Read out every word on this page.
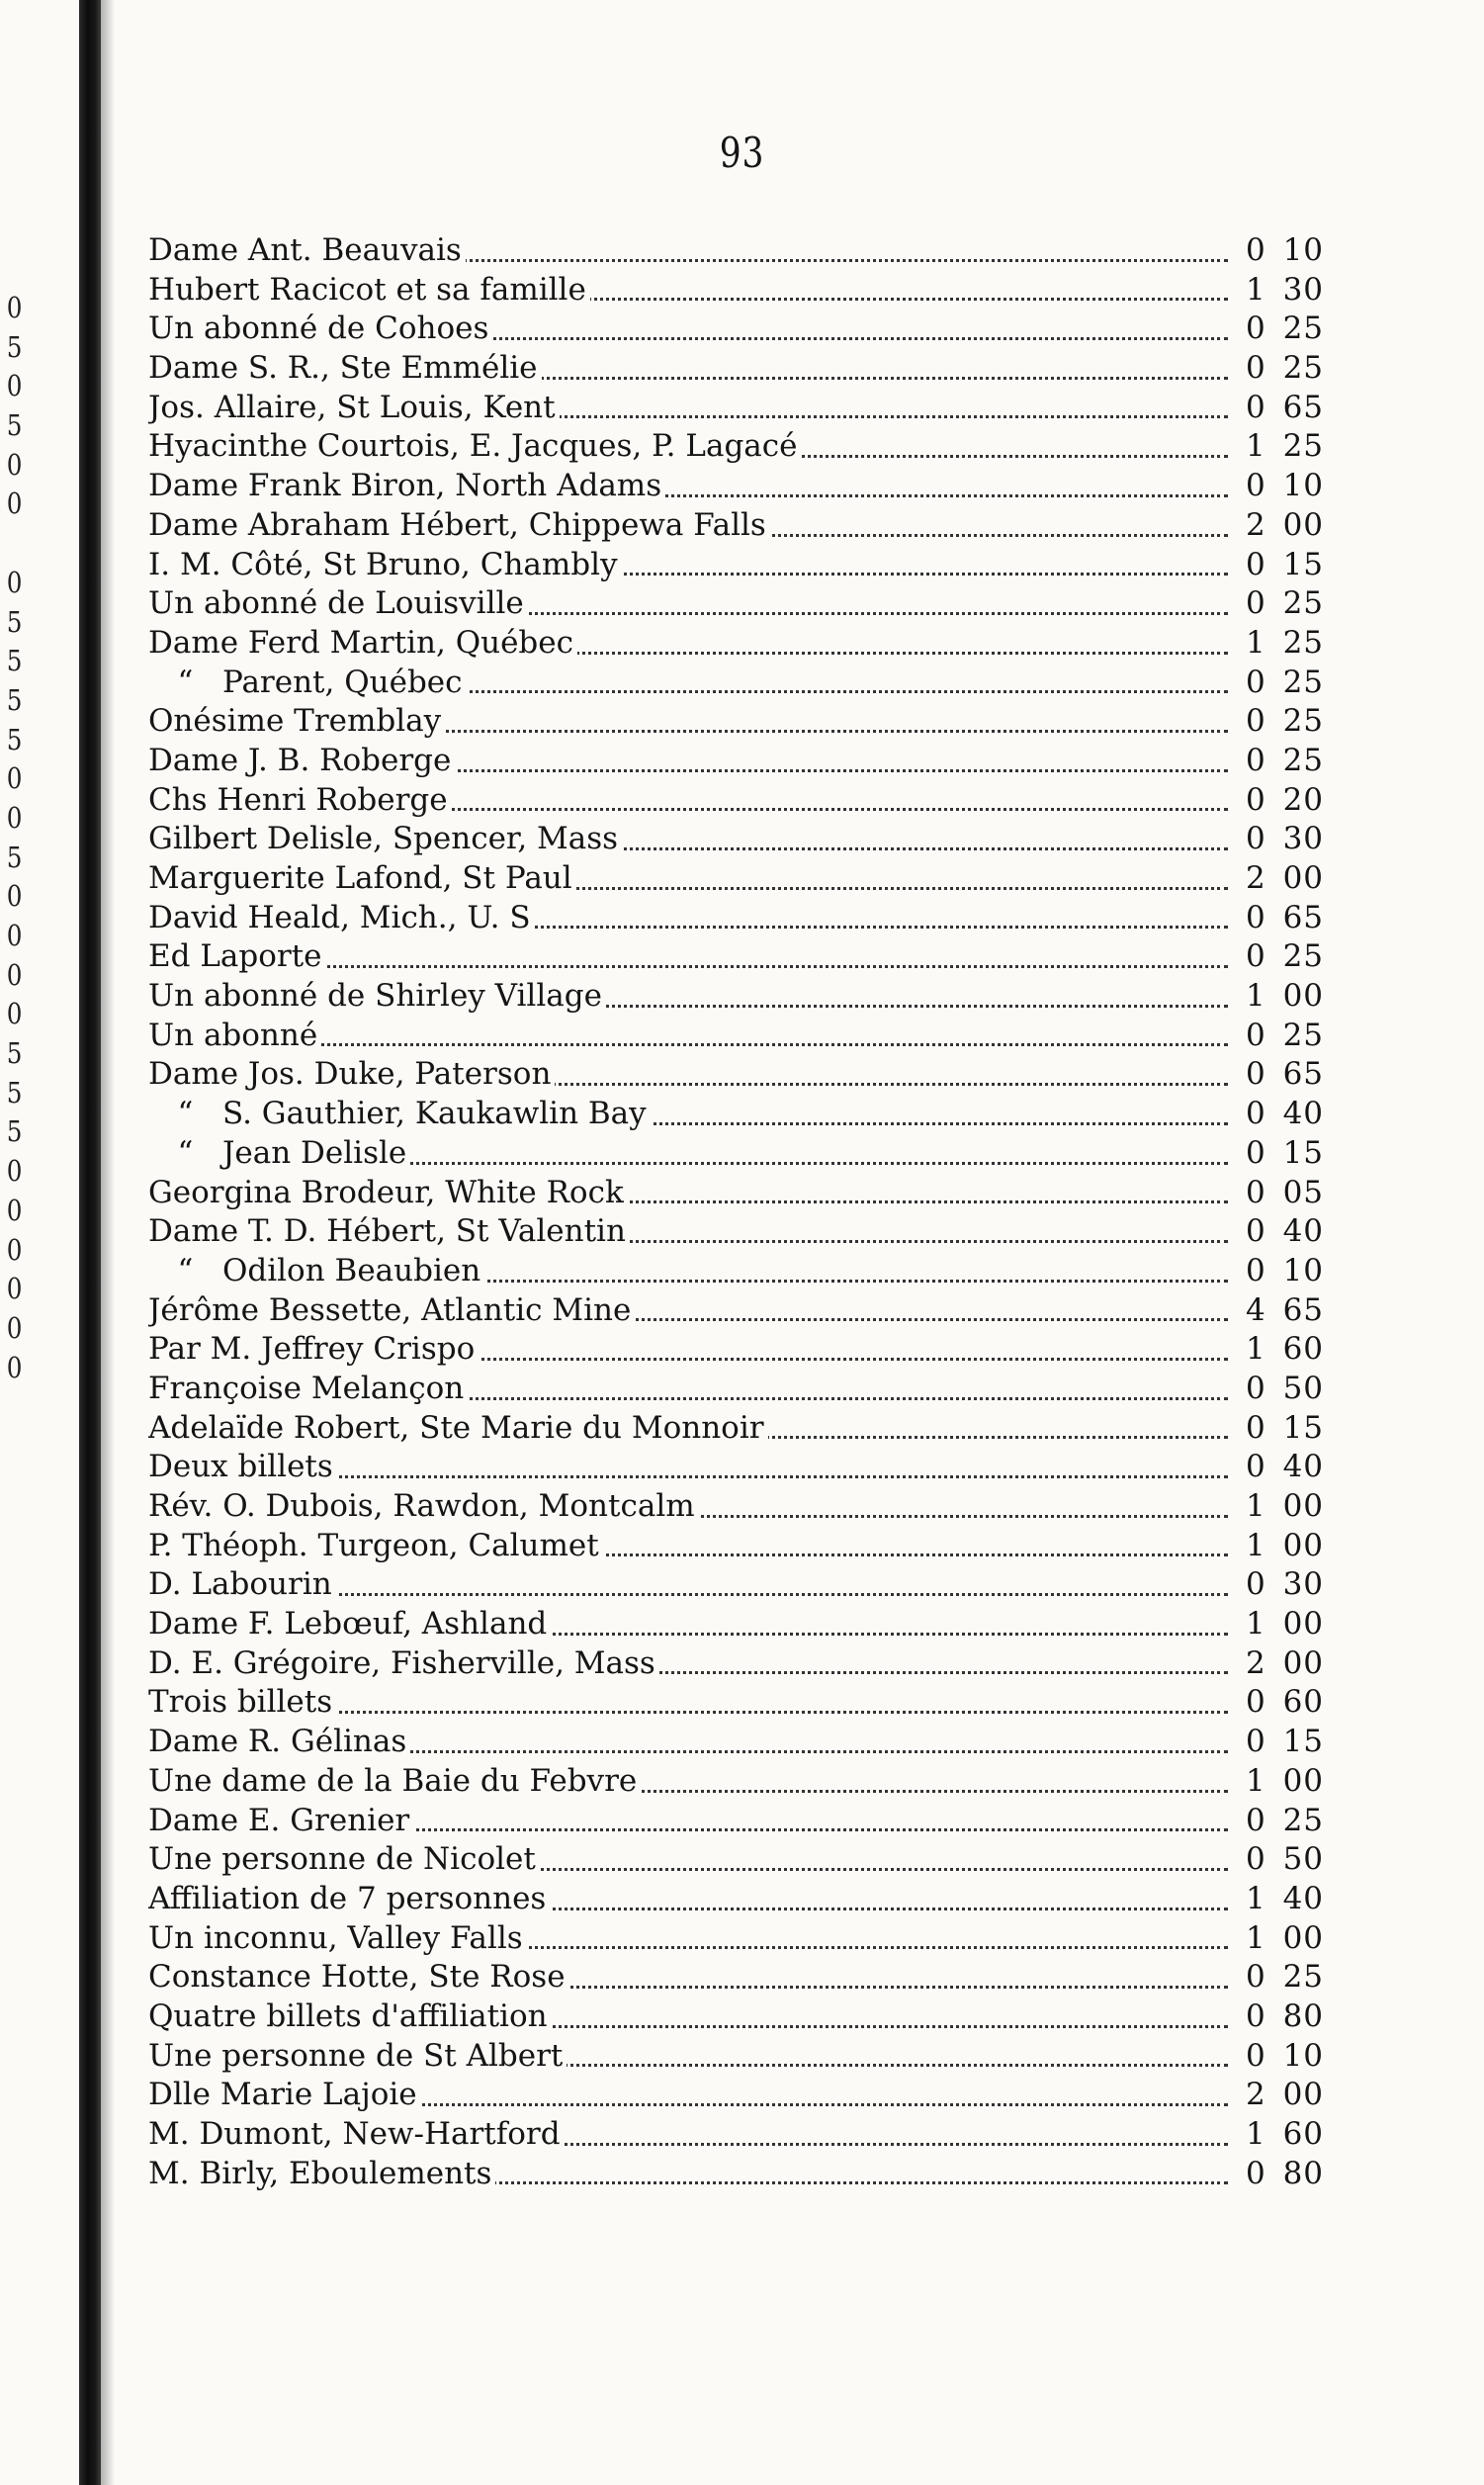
0
5
0
5
0
0
0
5
5
5
5
0
0
5
0
0
0
0
5
5
5
0
0
0
0
0
0
93
Dame Ant. Beauvais	0 10
Hubert Racicot et sa famille	1 30
Un abonné de Cohoes	0 25
Dame S. R., Ste Emmélie	0 25
Jos. Allaire, St Louis, Kent	0 65
Hyacinthe Courtois, E. Jacques, P. Lagacé	1 25
Dame Frank Biron, North Adams	0 10
Dame Abraham Hébert, Chippewa Falls	2 00
I. M. Côté, St Bruno, Chambly	0 15
Un abonné de Louisville	0 25
Dame Ferd Martin, Québec	1 25
“   Parent, Québec	0 25
Onésime Tremblay	0 25
Dame J. B. Roberge	0 25
Chs Henri Roberge	0 20
Gilbert Delisle, Spencer, Mass	0 30
Marguerite Lafond, St Paul	2 00
David Heald, Mich., U. S	0 65
Ed Laporte	0 25
Un abonné de Shirley Village	1 00
Un abonné	0 25
Dame Jos. Duke, Paterson	0 65
“   S. Gauthier, Kaukawlin Bay	0 40
“   Jean Delisle	0 15
Georgina Brodeur, White Rock	0 05
Dame T. D. Hébert, St Valentin	0 40
“   Odilon Beaubien	0 10
Jérôme Bessette, Atlantic Mine	4 65
Par M. Jeffrey Crispo	1 60
Françoise Melançon	0 50
Adelaïde Robert, Ste Marie du Monnoir	0 15
Deux billets	0 40
Rév. O. Dubois, Rawdon, Montcalm	1 00
P. Théoph. Turgeon, Calumet	1 00
D. Labourin	0 30
Dame F. Lebœuf, Ashland	1 00
D. E. Grégoire, Fisherville, Mass	2 00
Trois billets	0 60
Dame R. Gélinas	0 15
Une dame de la Baie du Febvre	1 00
Dame E. Grenier	0 25
Une personne de Nicolet	0 50
Affiliation de 7 personnes	1 40
Un inconnu, Valley Falls	1 00
Constance Hotte, Ste Rose	0 25
Quatre billets d'affiliation	0 80
Une personne de St Albert	0 10
Dlle Marie Lajoie	2 00
M. Dumont, New-Hartford	1 60
M. Birly, Eboulements	0 80
